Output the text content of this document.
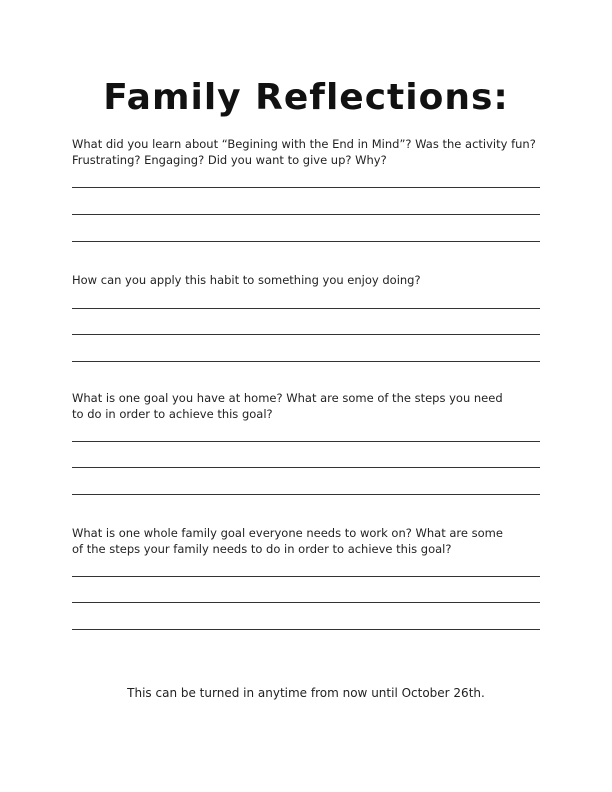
Family Reflections:

What did you learn about “Begining with the End in Mind”? Was the activity fun?

Frustrating? Engaging? Did you want to give up? Why?

How can you apply this habit to something you enjoy doing?

What is one goal you have at home? What are some of the steps you need

to do in order to achieve this goal?

What is one whole family goal everyone needs to work on? What are some

of the steps your family needs to do in order to achieve this goal?

This can be turned in anytime from now until October 26th.
